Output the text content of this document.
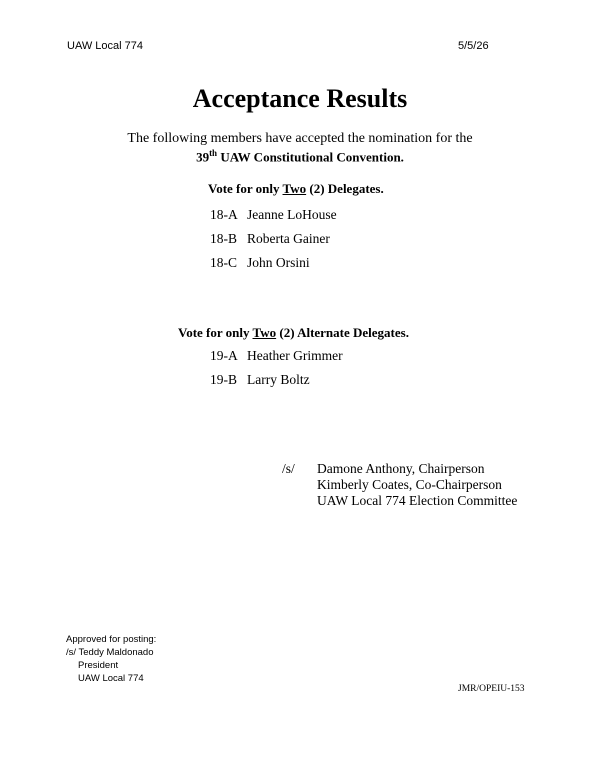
UAW Local 774	5/5/26
Acceptance Results
The following members have accepted the nomination for the
39th UAW Constitutional Convention.
Vote for only Two (2) Delegates.
18-A Jeanne LoHouse
18-B Roberta Gainer
18-C John Orsini
Vote for only Two (2) Alternate Delegates.
19-A Heather Grimmer
19-B Larry Boltz
/s/ Damone Anthony, Chairperson
Kimberly Coates, Co-Chairperson
UAW Local 774 Election Committee
Approved for posting:
/s/ Teddy Maldonado
President
UAW Local 774
JMR/OPEIU-153
